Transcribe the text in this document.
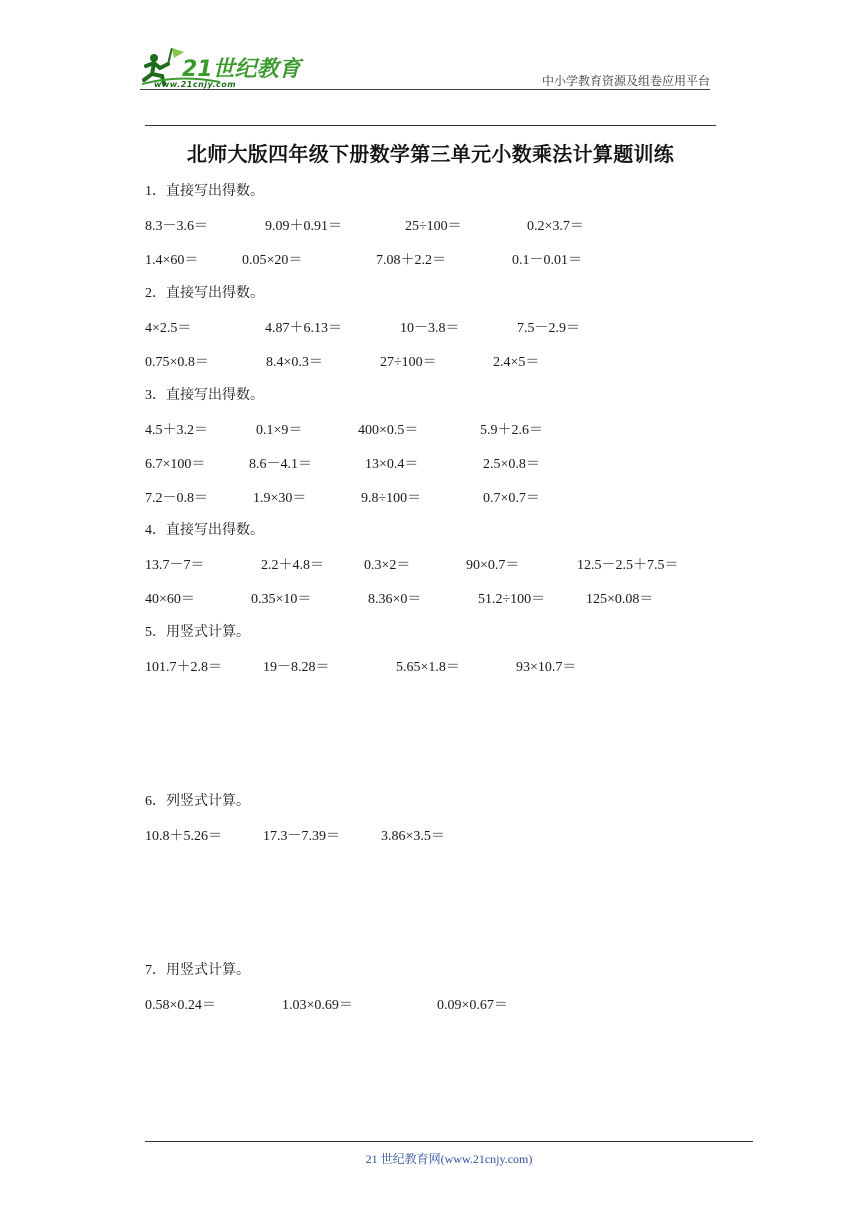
21世纪教育
www.21cnjy.com	中小学教育资源及组卷应用平台
北师大版四年级下册数学第三单元小数乘法计算题训练
1．直接写出得数。
8.3－3.6＝	9.09＋0.91＝	25÷100＝	0.2×3.7＝
1.4×60＝	0.05×20＝	7.08＋2.2＝	0.1－0.01＝
2．直接写出得数。
4×2.5＝	4.87＋6.13＝	10－3.8＝	7.5－2.9＝
0.75×0.8＝	8.4×0.3＝	27÷100＝	2.4×5＝
3．直接写出得数。
4.5＋3.2＝	0.1×9＝	400×0.5＝	5.9＋2.6＝
6.7×100＝	8.6－4.1＝	13×0.4＝	2.5×0.8＝
7.2－0.8＝	1.9×30＝	9.8÷100＝	0.7×0.7＝
4．直接写出得数。
13.7－7＝	2.2＋4.8＝	0.3×2＝	90×0.7＝	12.5－2.5＋7.5＝
40×60＝	0.35×10＝	8.36×0＝	51.2÷100＝	125×0.08＝
5．用竖式计算。
101.7＋2.8＝	19－8.28＝	5.65×1.8＝	93×10.7＝
6．列竖式计算。
10.8＋5.26＝	17.3－7.39＝	3.86×3.5＝
7．用竖式计算。
0.58×0.24＝	1.03×0.69＝	0.09×0.67＝
21 世纪教育网(www.21cnjy.com)
